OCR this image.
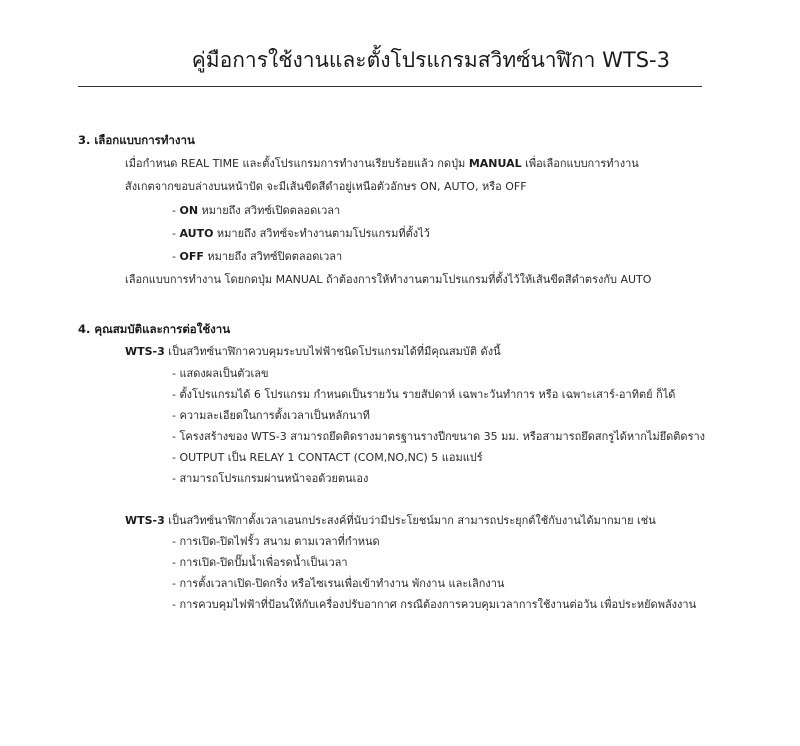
คู่มือการใช้งานและตั้งโปรแกรมสวิทซ์นาฬิกา WTS-3
3. เลือกแบบการทำงาน
เมื่อกำหนด REAL TIME และตั้งโปรแกรมการทำงานเรียบร้อยแล้ว กดปุ่ม MANUAL เพื่อเลือกแบบการทำงาน
สังเกตจากขอบล่างบนหน้าปัด จะมีเส้นขีดสีดำอยู่เหนือตัวอักษร ON, AUTO, หรือ OFF
- ON หมายถึง สวิทซ์เปิดตลอดเวลา
- AUTO หมายถึง สวิทซ์จะทำงานตามโปรแกรมที่ตั้งไว้
- OFF หมายถึง สวิทซ์ปิดตลอดเวลา
เลือกแบบการทำงาน โดยกดปุ่ม MANUAL ถ้าต้องการให้ทำงานตามโปรแกรมที่ตั้งไว้ให้เส้นขีดสีดำตรงกับ AUTO
4. คุณสมบัติและการต่อใช้งาน
WTS-3 เป็นสวิทซ์นาฬิกาควบคุมระบบไฟฟ้าชนิดโปรแกรมได้ที่มีคุณสมบัติ ดังนี้
- แสดงผลเป็นตัวเลข
- ตั้งโปรแกรมได้ 6 โปรแกรม กำหนดเป็นรายวัน รายสัปดาห์ เฉพาะวันทำการ หรือ เฉพาะเสาร์-อาทิตย์ ก็ได้
- ความละเอียดในการตั้งเวลาเป็นหลักนาที
- โครงสร้างของ WTS-3 สามารถยึดติดรางมาตรฐานรางปีกขนาด 35 มม. หรือสามารถยึดสกรูได้หากไม่ยึดติดราง
- OUTPUT เป็น RELAY 1 CONTACT (COM,NO,NC) 5 แอมแปร์
- สามารถโปรแกรมผ่านหน้าจอด้วยตนเอง
WTS-3 เป็นสวิทซ์นาฬิกาตั้งเวลาเอนกประสงค์ที่นับว่ามีประโยชน์มาก สามารถประยุกต์ใช้กับงานได้มากมาย เช่น
- การเปิด-ปิดไฟรั้ว สนาม ตามเวลาที่กำหนด
- การเปิด-ปิดปั๊มน้ำเพื่อรดน้ำเป็นเวลา
- การตั้งเวลาเปิด-ปิดกริ่ง หรือไซเรนเพื่อเข้าทำงาน พักงาน และเลิกงาน
- การควบคุมไฟฟ้าที่ป้อนให้กับเครื่องปรับอากาศ กรณีต้องการควบคุมเวลาการใช้งานต่อวัน เพื่อประหยัดพลังงาน
